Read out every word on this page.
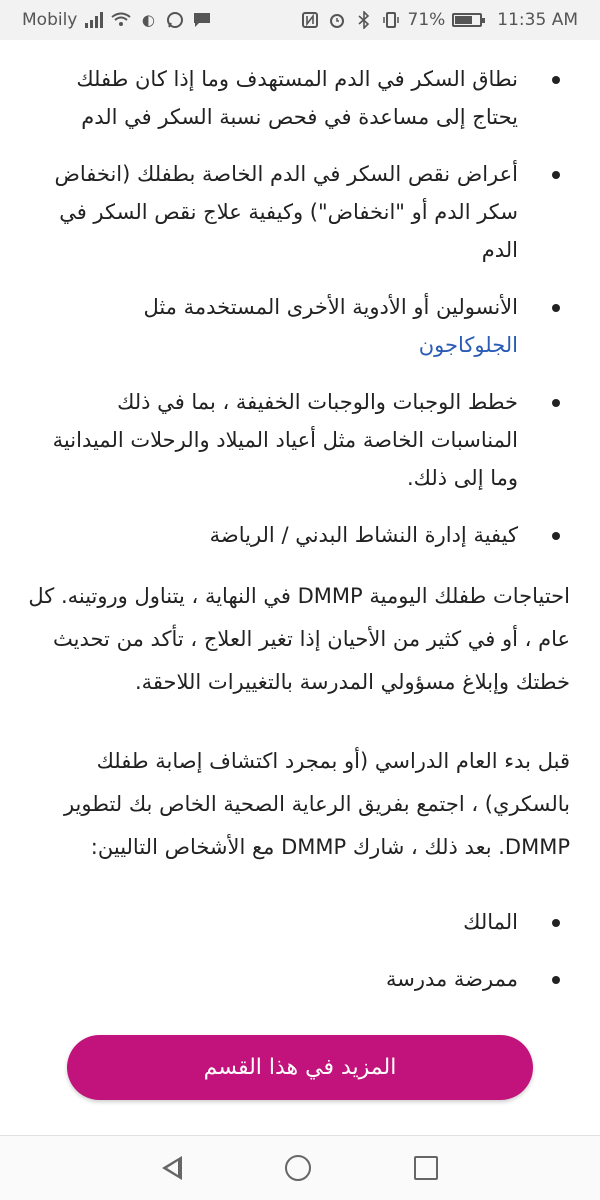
Mobily	◐	71%	11:35 AM
نطاق السكر في الدم المستهدف وما إذا كان طفلك يحتاج إلى مساعدة في فحص نسبة السكر في الدم
أعراض نقص السكر في الدم الخاصة بطفلك (انخفاض سكر الدم أو "انخفاض") وكيفية علاج نقص السكر في الدم
الأنسولين أو الأدوية الأخرى المستخدمة مثل
الجلوكاجون
خطط الوجبات والوجبات الخفيفة ، بما في ذلك المناسبات الخاصة مثل أعياد الميلاد والرحلات الميدانية وما إلى ذلك.
كيفية إدارة النشاط البدني / الرياضة

احتياجات طفلك اليومية DMMP في النهاية ، يتناول وروتينه. كل عام ، أو في كثير من الأحيان إذا تغير العلاج ، تأكد من تحديث خطتك وإبلاغ مسؤولي المدرسة بالتغييرات اللاحقة.

قبل بدء العام الدراسي (أو بمجرد اكتشاف إصابة طفلك بالسكري) ، اجتمع بفريق الرعاية الصحية الخاص بك لتطوير DMMP. بعد ذلك ، شارك DMMP مع الأشخاص التاليين:

المالك
ممرضة مدرسة
المزيد في هذا القسم
